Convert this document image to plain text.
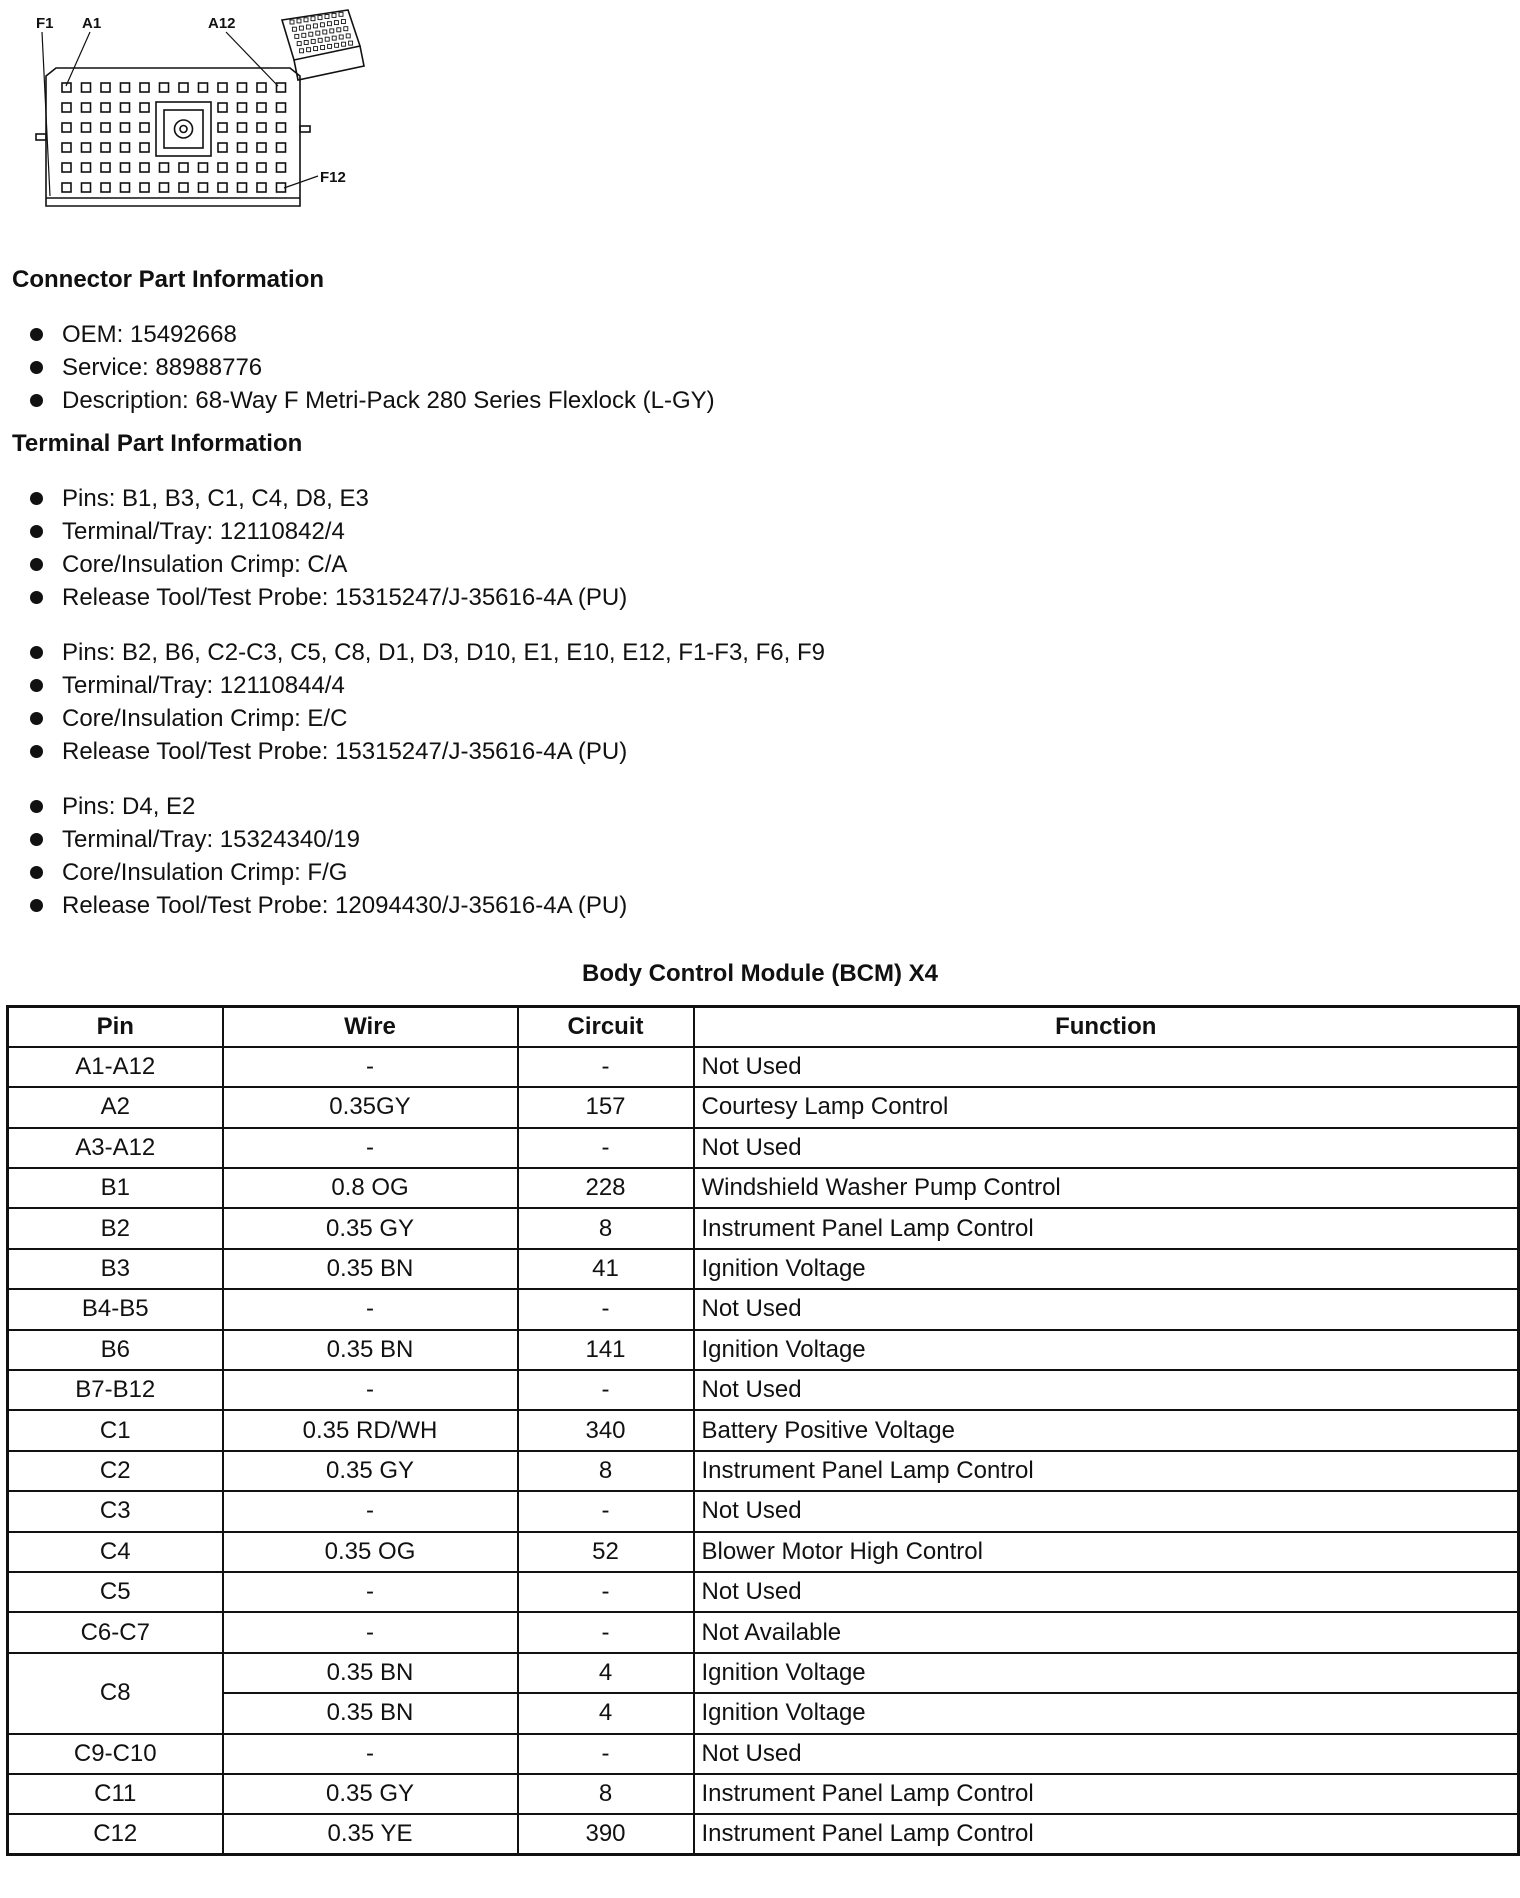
F1 A1	A12
F12
Connector Part Information
OEM: 15492668
Service: 88988776
Description: 68-Way F Metri-Pack 280 Series Flexlock (L-GY)
Terminal Part Information
Pins: B1, B3, C1, C4, D8, E3
Terminal/Tray: 12110842/4
Core/Insulation Crimp: C/A
Release Tool/Test Probe: 15315247/J-35616-4A (PU)
Pins: B2, B6, C2-C3, C5, C8, D1, D3, D10, E1, E10, E12, F1-F3, F6, F9
Terminal/Tray: 12110844/4
Core/Insulation Crimp: E/C
Release Tool/Test Probe: 15315247/J-35616-4A (PU)
Pins: D4, E2
Terminal/Tray: 15324340/19
Core/Insulation Crimp: F/G
Release Tool/Test Probe: 12094430/J-35616-4A (PU)
Body Control Module (BCM) X4
Pin	Wire	Circuit	Function
A1-A12	-	-	Not Used
A2	0.35GY	157	Courtesy Lamp Control
A3-A12	-	-	Not Used
B1	0.8 OG	228	Windshield Washer Pump Control
B2	0.35 GY	8	Instrument Panel Lamp Control
B3	0.35 BN	41	Ignition Voltage
B4-B5	-	-	Not Used
B6	0.35 BN	141	Ignition Voltage
B7-B12	-	-	Not Used
C1	0.35 RD/WH	340	Battery Positive Voltage
C2	0.35 GY	8	Instrument Panel Lamp Control
C3	-	-	Not Used
C4	0.35 OG	52	Blower Motor High Control
C5	-	-	Not Used
C6-C7	-	-	Not Available
C8	0.35 BN	4	Ignition Voltage
	0.35 BN	4	Ignition Voltage
C9-C10	-	-	Not Used
C11	0.35 GY	8	Instrument Panel Lamp Control
C12	0.35 YE	390	Instrument Panel Lamp Control
